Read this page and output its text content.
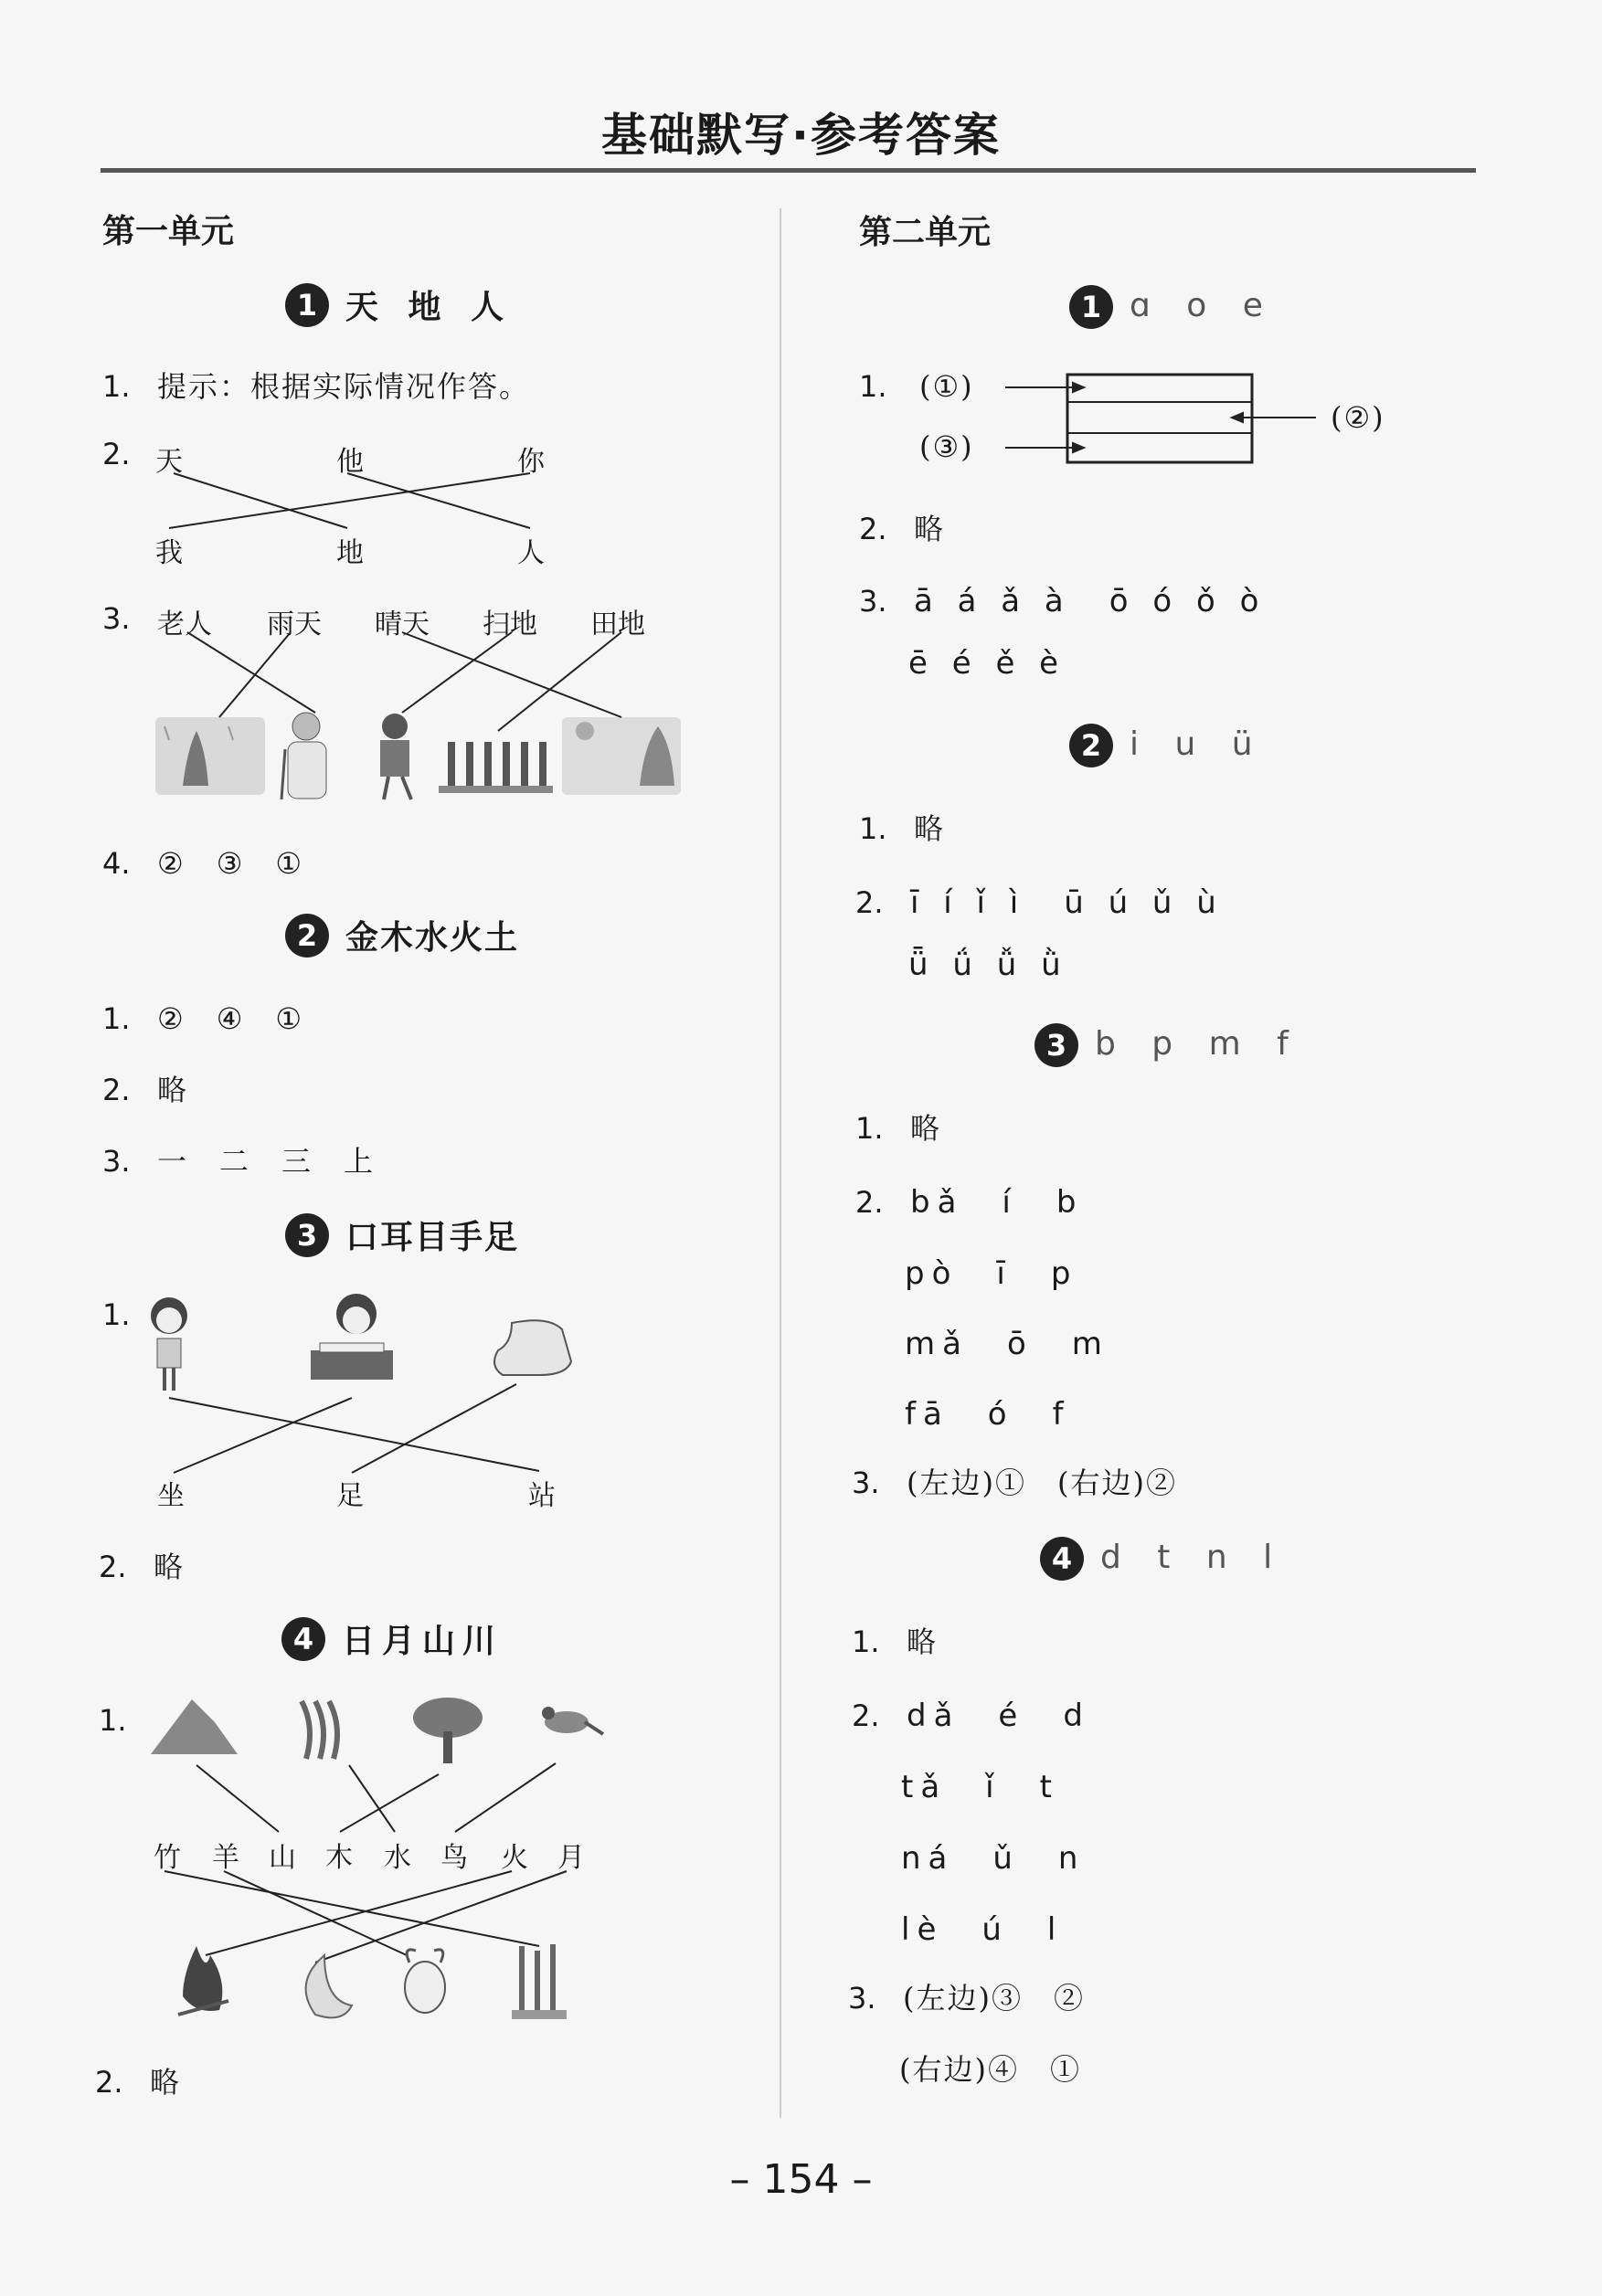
基础默写·参考答案
第一单元
1 天 地 人
1. 提示：根据实际情况作答。
2. 天	他	你
我	地	人
3. 老人 雨天 晴天 扫地 田地
4. ②　③　①
2 金木水火土
1. ②　④　①
2. 略
3. 一　二　三　上
3 口耳目手足
1.
坐	足	站
2. 略
4 日月山川
1.
竹 羊 山 木 水 鸟 火 月
2. 略
第二单元
1 ɑ o e
1.	(①)
(③)
(②)
2. 略
3. ā á ǎ à　ō ó ǒ ò
ē é ě è
2 i u ü
1. 略
2. ī í ǐ ì　ū ú ǔ ù
ǖ ǘ ǚ ǜ
3 b p m f
1. 略
2. bǎ　í　b
pò　ī　p
mǎ　ō　m
fā　ó　f
3. (左边)①　(右边)②
4 d t n l
1. 略
2. dǎ　é　d
tǎ　ǐ　t
ná　ǔ　n
lè　ú　l
3. (左边)③　②
(右边)④　①
– 154 –
